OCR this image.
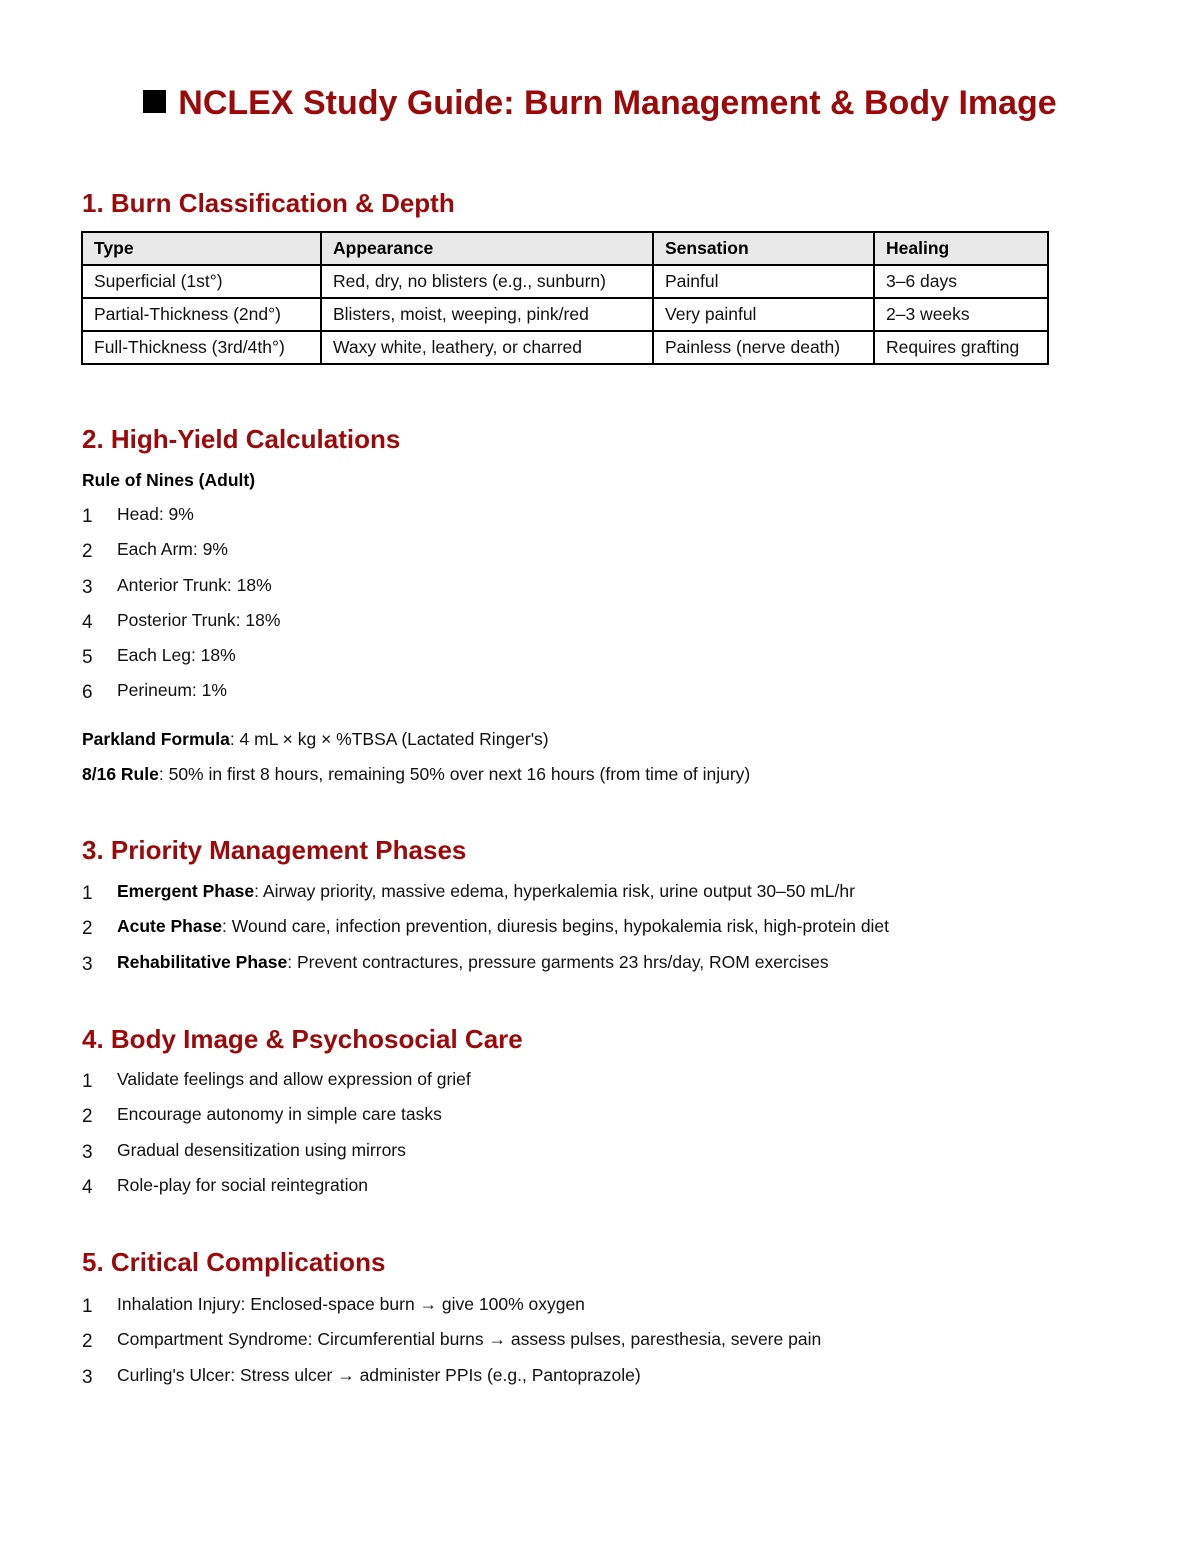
NCLEX Study Guide: Burn Management & Body Image
1. Burn Classification & Depth
Type	Appearance	Sensation	Healing
Superficial (1st°)	Red, dry, no blisters (e.g., sunburn)	Painful	3–6 days
Partial-Thickness (2nd°)	Blisters, moist, weeping, pink/red	Very painful	2–3 weeks
Full-Thickness (3rd/4th°)	Waxy white, leathery, or charred	Painless (nerve death)	Requires grafting
2. High-Yield Calculations
Rule of Nines (Adult)
1 Head: 9%
2 Each Arm: 9%
3 Anterior Trunk: 18%
4 Posterior Trunk: 18%
5 Each Leg: 18%
6 Perineum: 1%
Parkland Formula: 4 mL × kg × %TBSA (Lactated Ringer's)
8/16 Rule: 50% in first 8 hours, remaining 50% over next 16 hours (from time of injury)
3. Priority Management Phases
1 Emergent Phase: Airway priority, massive edema, hyperkalemia risk, urine output 30–50 mL/hr
2 Acute Phase: Wound care, infection prevention, diuresis begins, hypokalemia risk, high-protein diet
3 Rehabilitative Phase: Prevent contractures, pressure garments 23 hrs/day, ROM exercises
4. Body Image & Psychosocial Care
1 Validate feelings and allow expression of grief
2 Encourage autonomy in simple care tasks
3 Gradual desensitization using mirrors
4 Role-play for social reintegration
5. Critical Complications
1 Inhalation Injury: Enclosed-space burn → give 100% oxygen
2 Compartment Syndrome: Circumferential burns → assess pulses, paresthesia, severe pain
3 Curling's Ulcer: Stress ulcer → administer PPIs (e.g., Pantoprazole)
